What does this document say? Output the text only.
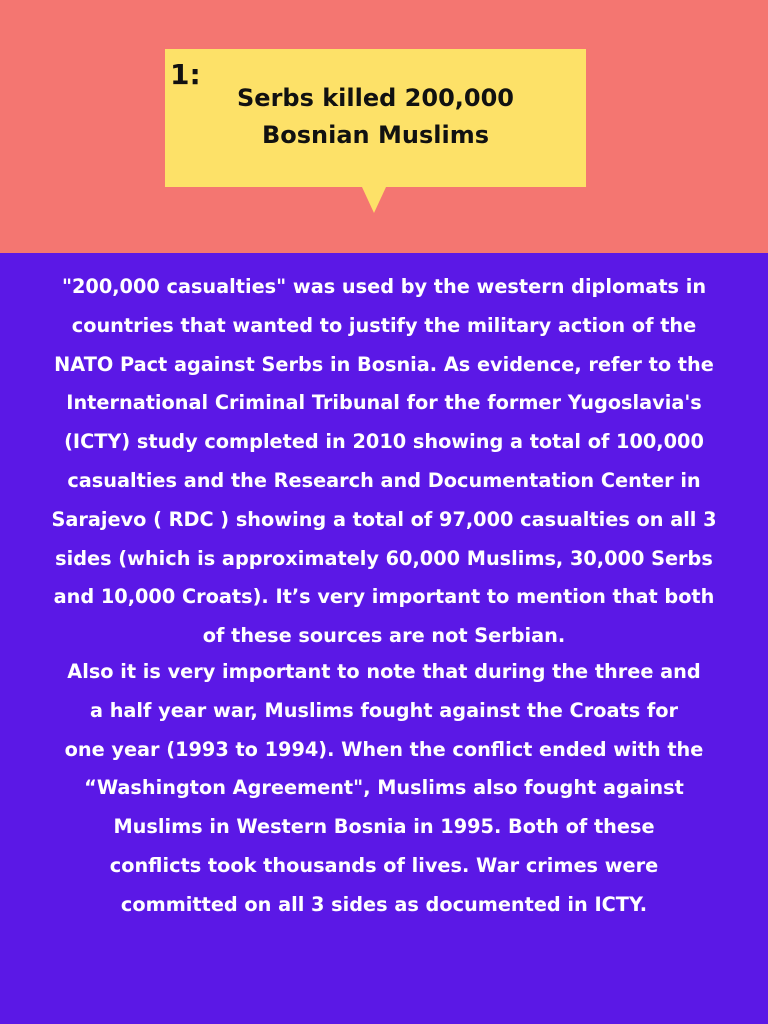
1:

Serbs killed 200,000
Bosnian Muslims

"200,000 casualties" was used by the western diplomats in
countries that wanted to justify the military action of the
NATO Pact against Serbs in Bosnia. As evidence, refer to the
International Criminal Tribunal for the former Yugoslavia's
(ICTY) study completed in 2010 showing a total of 100,000
casualties and the Research and Documentation Center in
Sarajevo ( RDC ) showing a total of 97,000 casualties on all 3
sides (which is approximately 60,000 Muslims, 30,000 Serbs
and 10,000 Croats). It’s very important to mention that both
of these sources are not Serbian.

Also it is very important to note that during the three and
a half year war, Muslims fought against the Croats for
one year (1993 to 1994). When the conflict ended with the
“Washington Agreement", Muslims also fought against
Muslims in Western Bosnia in 1995. Both of these
conflicts took thousands of lives. War crimes were
committed on all 3 sides as documented in ICTY.
